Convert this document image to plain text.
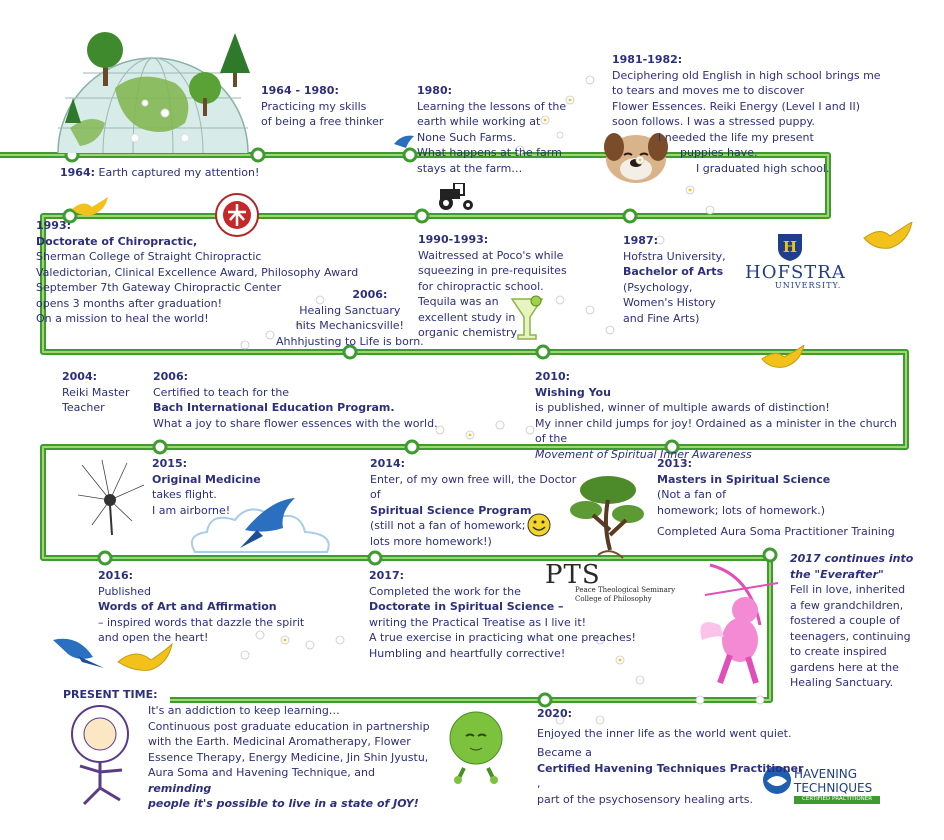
H
HOFSTRA
UNIVERSITY.
PTS
Peace Theological Seminary
College of Philosophy
HAVENING
TECHNIQUES
CERTIFIED PRACTITIONER
1964: Earth captured my attention!
1964 - 1980:
Practicing my skills
of being a free thinker
1980:
Learning the lessons of the
earth while working at
None Such Farms.
What happens at the farm
stays at the farm…
1981-1982:
Deciphering old English in high school brings me
to tears and moves me to discover
Flower Essences. Reiki Energy (Level I and II)
soon follows. I was a stressed puppy.
I needed the life my present
puppies have.
I graduated high school.
1993:
Doctorate of Chiropractic,
Sherman College of Straight Chiropractic
Valedictorian, Clinical Excellence Award, Philosophy Award
September 7th Gateway Chiropractic Center
opens 3 months after graduation!
On a mission to heal the world!
1990-1993:
Waitressed at Poco's while
squeezing in pre-requisites
for chiropractic school.
Tequila was an
excellent study in
organic chemistry
1987:
Hofstra University,
Bachelor of Arts
(Psychology,
Women's History
and Fine Arts)
2006:
Healing Sanctuary
hits Mechanicsville!
Ahhhjusting to Life is born.
2004:
Reiki Master
Teacher
2006:
Certified to teach for the
Bach International Education Program.
What a joy to share flower essences with the world.
2010:
Wishing You
is published, winner of multiple awards of distinction!
My inner child jumps for joy! Ordained as a minister in the church
of the
Movement of Spiritual Inner Awareness
2015:
Original Medicine
takes flight.
I am airborne!
2014:
Enter, of my own free will, the Doctor
of
Spiritual Science Program
(still not a fan of homework;
lots more homework!)
2013:
Masters in Spiritual Science
(Not a fan of
homework; lots of homework.)
Completed Aura Soma Practitioner Training
2016:
Published
Words of Art and Affirmation
– inspired words that dazzle the spirit
and open the heart!
2017:
Completed the work for the
Doctorate in Spiritual Science –
writing the Practical Treatise as I live it!
A true exercise in practicing what one preaches!
Humbling and heartfully corrective!
2017 continues into
the "Everafter"
Fell in love, inherited
a few grandchildren,
fostered a couple of
teenagers, continuing
to create inspired
gardens here at the
Healing Sanctuary.
PRESENT TIME:
It's an addiction to keep learning…
Continuous post graduate education in partnership
with the Earth. Medicinal Aromatherapy, Flower
Essence Therapy, Energy Medicine, Jin Shin Jyustu,
Aura Soma and Havening Technique, and
reminding
people it's possible to live in a state of JOY!
2020:
Enjoyed the inner life as the world went quiet.
Became a
Certified Havening Techniques Practitioner
,
part of the psychosensory healing arts.
